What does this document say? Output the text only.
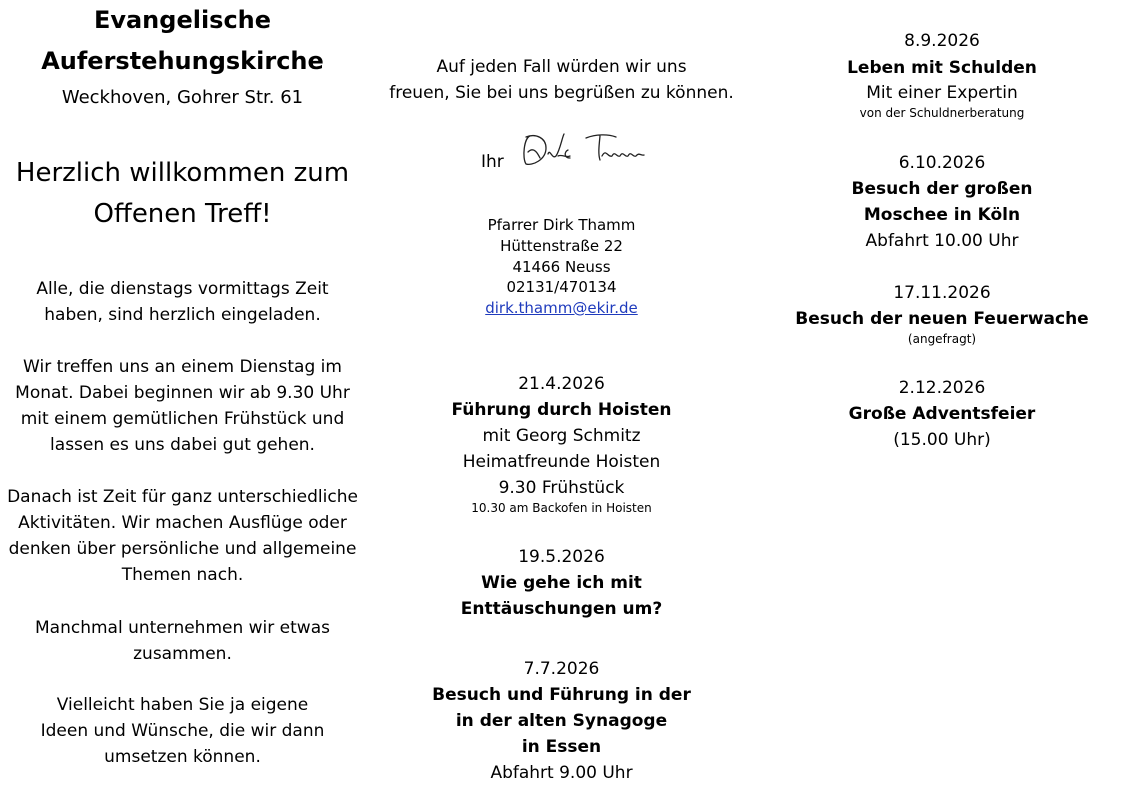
Evangelische
Auferstehungskirche
Weckhoven, Gohrer Str. 61
Herzlich willkommen zum
Offenen Treff!
Alle, die dienstags vormittags Zeit
haben, sind herzlich eingeladen.
Wir treffen uns an einem Dienstag im
Monat. Dabei beginnen wir ab 9.30 Uhr
mit einem gemütlichen Frühstück und
lassen es uns dabei gut gehen.
Danach ist Zeit für ganz unterschiedliche
Aktivitäten. Wir machen Ausflüge oder
denken über persönliche und allgemeine
Themen nach.
Manchmal unternehmen wir etwas
zusammen.
Vielleicht haben Sie ja eigene
Ideen und Wünsche, die wir dann
umsetzen können.
Auf jeden Fall würden wir uns
freuen, Sie bei uns begrüßen zu können.
Ihr
Pfarrer Dirk Thamm
Hüttenstraße 22
41466 Neuss
02131/470134
dirk.thamm@ekir.de
21.4.2026
Führung durch Hoisten
mit Georg Schmitz
Heimatfreunde Hoisten
9.30 Frühstück
10.30 am Backofen in Hoisten
19.5.2026
Wie gehe ich mit
Enttäuschungen um?
7.7.2026
Besuch und Führung in der
in der alten Synagoge
in Essen
Abfahrt 9.00 Uhr
8.9.2026
Leben mit Schulden
Mit einer Expertin
von der Schuldnerberatung
6.10.2026
Besuch der großen
Moschee in Köln
Abfahrt 10.00 Uhr
17.11.2026
Besuch der neuen Feuerwache
(angefragt)
2.12.2026
Große Adventsfeier
(15.00 Uhr)
